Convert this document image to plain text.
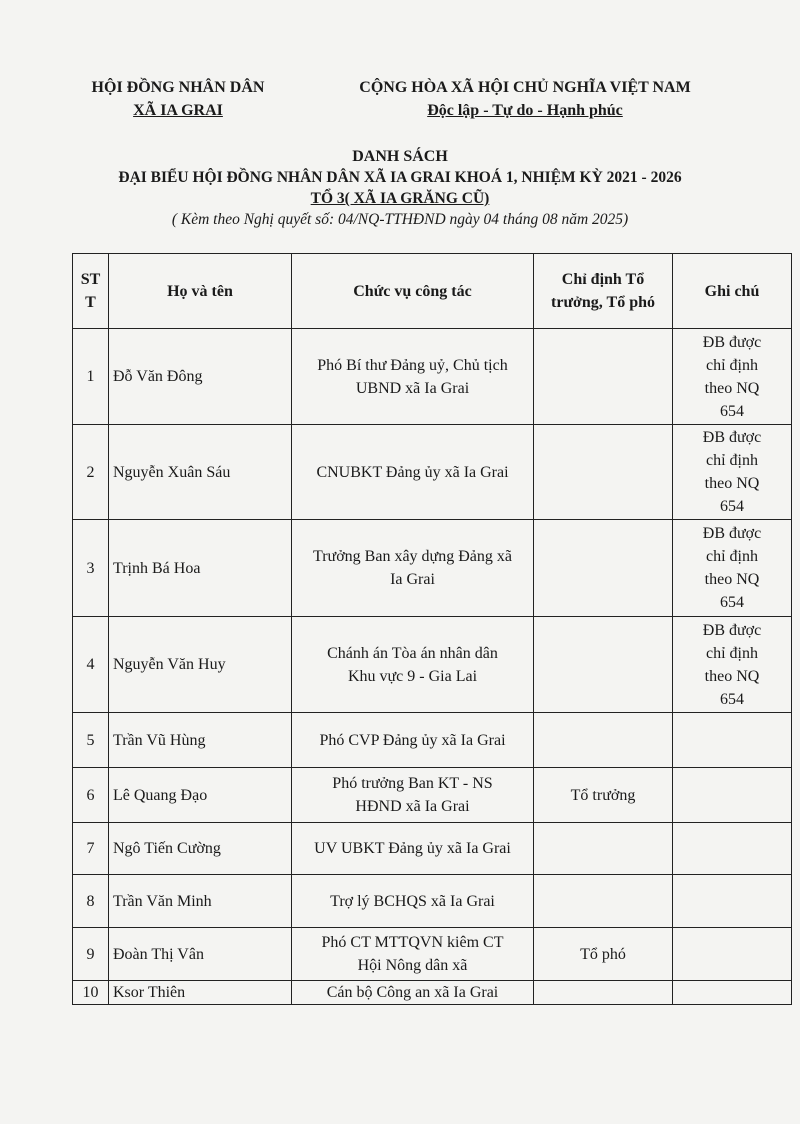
HỘI ĐỒNG NHÂN DÂN
XÃ IA GRAI
CỘNG HÒA XÃ HỘI CHỦ NGHĨA VIỆT NAM
Độc lập - Tự do - Hạnh phúc
DANH SÁCH
ĐẠI BIỂU HỘI ĐỒNG NHÂN DÂN XÃ IA GRAI KHOÁ 1, NHIỆM KỲ 2021 - 2026
TỔ 3( XÃ IA GRĂNG CŨ)
( Kèm theo Nghị quyết số: 04/NQ-TTHĐND ngày 04 tháng 08 năm 2025)
ST
T	Họ và tên	Chức vụ công tác	Chỉ định Tổ
trưởng, Tổ phó	Ghi chú
1	Đỗ Văn Đông	Phó Bí thư Đảng uỷ, Chủ tịch
UBND xã Ia Grai		ĐB được
chỉ định
theo NQ
654
2	Nguyễn Xuân Sáu	CNUBKT Đảng ủy xã Ia Grai		ĐB được
chỉ định
theo NQ
654
3	Trịnh Bá Hoa	Trưởng Ban xây dựng Đảng xã
Ia Grai		ĐB được
chỉ định
theo NQ
654
4	Nguyễn Văn Huy	Chánh án Tòa án nhân dân
Khu vực 9 - Gia Lai		ĐB được
chỉ định
theo NQ
654
5	Trần Vũ Hùng	Phó CVP Đảng ủy xã Ia Grai		
6	Lê Quang Đạo	Phó trưởng Ban KT - NS
HĐND xã Ia Grai	Tổ trưởng	
7	Ngô Tiến Cường	UV UBKT Đảng ủy xã Ia Grai		
8	Trần Văn Minh	Trợ lý BCHQS xã Ia Grai		
9	Đoàn Thị Vân	Phó CT MTTQVN kiêm CT
Hội Nông dân xã	Tổ phó	
10	Ksor Thiên	Cán bộ Công an xã Ia Grai		
